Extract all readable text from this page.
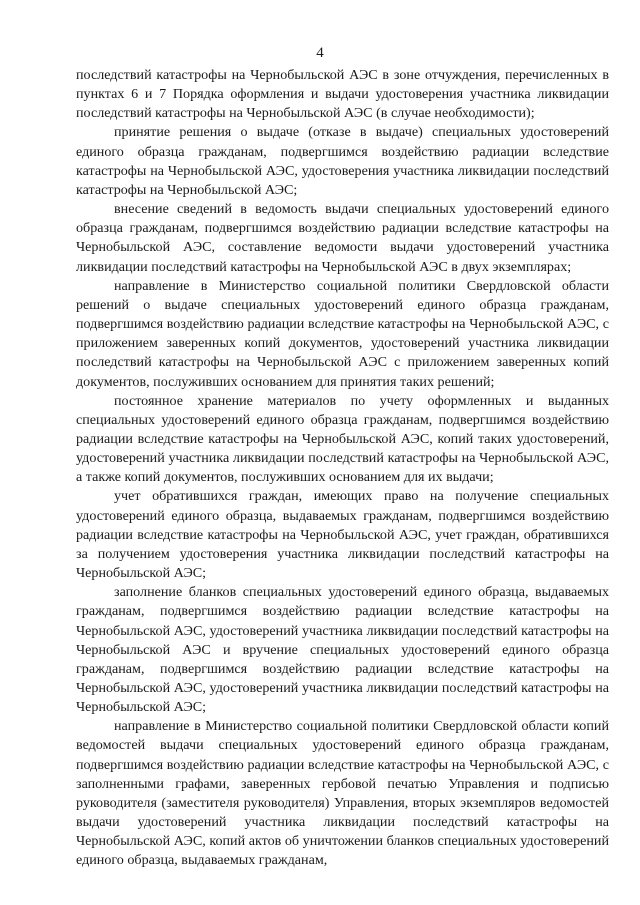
4

последствий катастрофы на Чернобыльской АЭС в зоне отчуждения, перечисленных в пунктах 6 и 7 Порядка оформления и выдачи удостоверения участника ликвидации последствий катастрофы на Чернобыльской АЭС (в случае необходимости);

принятие решения о выдаче (отказе в выдаче) специальных удостоверений единого образца гражданам, подвергшимся воздействию радиации вследствие катастрофы на Чернобыльской АЭС, удостоверения участника ликвидации последствий катастрофы на Чернобыльской АЭС;

внесение сведений в ведомость выдачи специальных удостоверений единого образца гражданам, подвергшимся воздействию радиации вследствие катастрофы на Чернобыльской АЭС, составление ведомости выдачи удостоверений участника ликвидации последствий катастрофы на Чернобыльской АЭС в двух экземплярах;

направление в Министерство социальной политики Свердловской области решений о выдаче специальных удостоверений единого образца гражданам, подвергшимся воздействию радиации вследствие катастрофы на Чернобыльской АЭС, с приложением заверенных копий документов, удостоверений участника ликвидации последствий катастрофы на Чернобыльской АЭС с приложением заверенных копий документов, послуживших основанием для принятия таких решений;

постоянное хранение материалов по учету оформленных и выданных специальных удостоверений единого образца гражданам, подвергшимся воздействию радиации вследствие катастрофы на Чернобыльской АЭС, копий таких удостоверений, удостоверений участника ликвидации последствий катастрофы на Чернобыльской АЭС, а также копий документов, послуживших основанием для их выдачи;

учет обратившихся граждан, имеющих право на получение специальных удостоверений единого образца, выдаваемых гражданам, подвергшимся воздействию радиации вследствие катастрофы на Чернобыльской АЭС, учет граждан, обратившихся за получением удостоверения участника ликвидации последствий катастрофы на Чернобыльской АЭС;

заполнение бланков специальных удостоверений единого образца, выдаваемых гражданам, подвергшимся воздействию радиации вследствие катастрофы на Чернобыльской АЭС, удостоверений участника ликвидации последствий катастрофы на Чернобыльской АЭС и вручение специальных удостоверений единого образца гражданам, подвергшимся воздействию радиации вследствие катастрофы на Чернобыльской АЭС, удостоверений участника ликвидации последствий катастрофы на Чернобыльской АЭС;

направление в Министерство социальной политики Свердловской области копий ведомостей выдачи специальных удостоверений единого образца гражданам, подвергшимся воздействию радиации вследствие катастрофы на Чернобыльской АЭС, с заполненными графами, заверенных гербовой печатью Управления и подписью руководителя (заместителя руководителя) Управления, вторых экземпляров ведомостей выдачи удостоверений участника ликвидации последствий катастрофы на Чернобыльской АЭС, копий актов об уничтожении бланков специальных удостоверений единого образца, выдаваемых гражданам,
